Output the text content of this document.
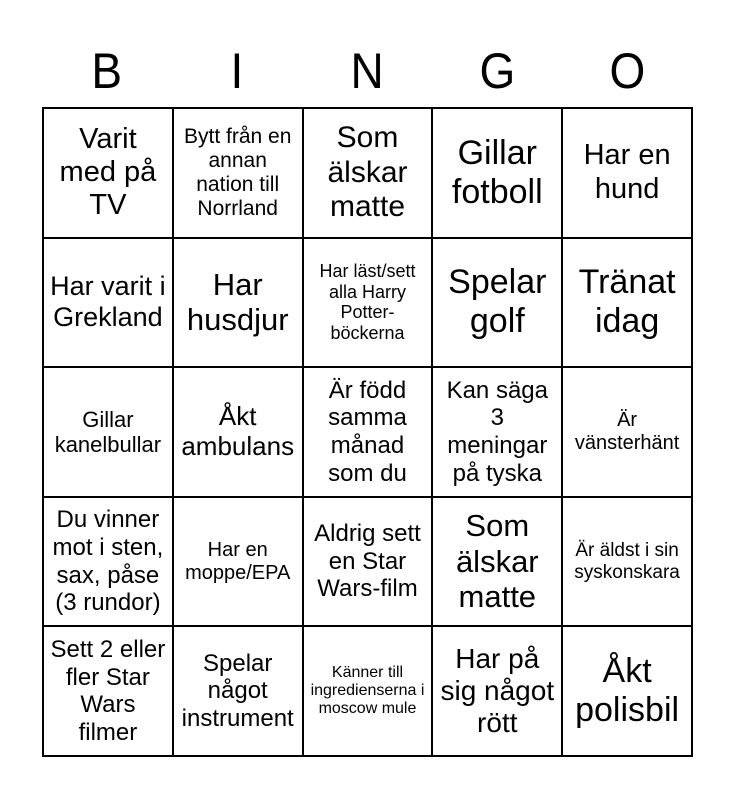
B I N G O
Varit med på TV
Bytt från en annan nation till Norrland
Som älskar matte
Gillar fotboll
Har en hund
Har varit i Grekland
Har husdjur
Har läst/sett alla Harry Potter-böckerna
Spelar golf
Tränat idag
Gillar kanelbullar
Åkt ambulans
Är född samma månad som du
Kan säga 3 meningar på tyska
Är vänsterhänt
Du vinner mot i sten, sax, påse (3 rundor)
Har en moppe/EPA
Aldrig sett en Star Wars-film
Som älskar matte
Är äldst i sin syskonskara
Sett 2 eller fler Star Wars filmer
Spelar något instrument
Känner till ingredienserna i moscow mule
Har på sig något rött
Åkt polisbil
